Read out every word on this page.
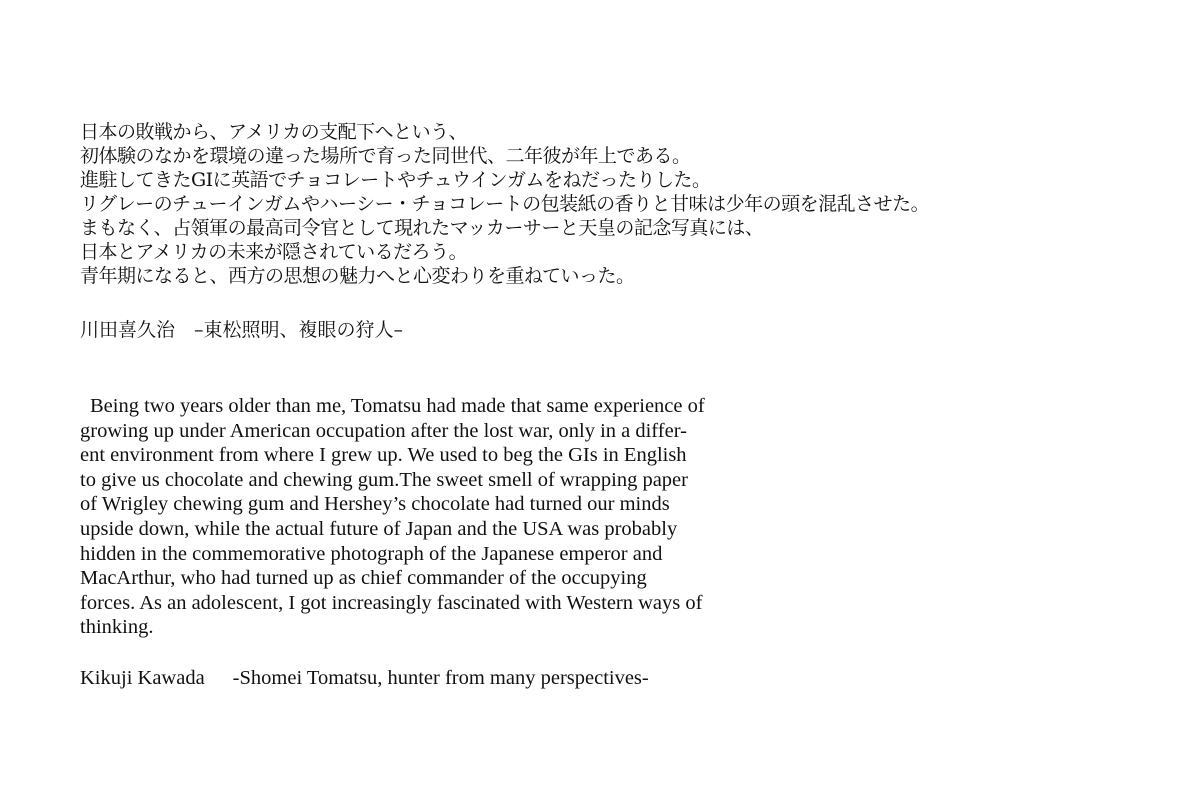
日本の敗戦から、アメリカの支配下へという、
初体験のなかを環境の違った場所で育った同世代、二年彼が年上である。
進駐してきたGIに英語でチョコレートやチュウインガムをねだったりした。
リグレーのチューインガムやハーシー・チョコレートの包装紙の香りと甘味は少年の頭を混乱させた。
まもなく、占領軍の最高司令官として現れたマッカーサーと天皇の記念写真には、
日本とアメリカの未来が隠されているだろう。
青年期になると、西方の思想の魅力へと心変わりを重ねていった。
川田喜久治　–東松照明、複眼の狩人–
Being two years older than me, Tomatsu had made that same experience of
growing up under American occupation after the lost war, only in a differ-
ent environment from where I grew up. We used to beg the GIs in English
to give us chocolate and chewing gum.The sweet smell of wrapping paper
of Wrigley chewing gum and Hershey’s chocolate had turned our minds
upside down, while the actual future of Japan and the USA was probably
hidden in the commemorative photograph of the Japanese emperor and
MacArthur, who had turned up as chief commander of the occupying
forces. As an adolescent, I got increasingly fascinated with Western ways of
thinking.
Kikuji Kawada -Shomei Tomatsu, hunter from many perspectives-
